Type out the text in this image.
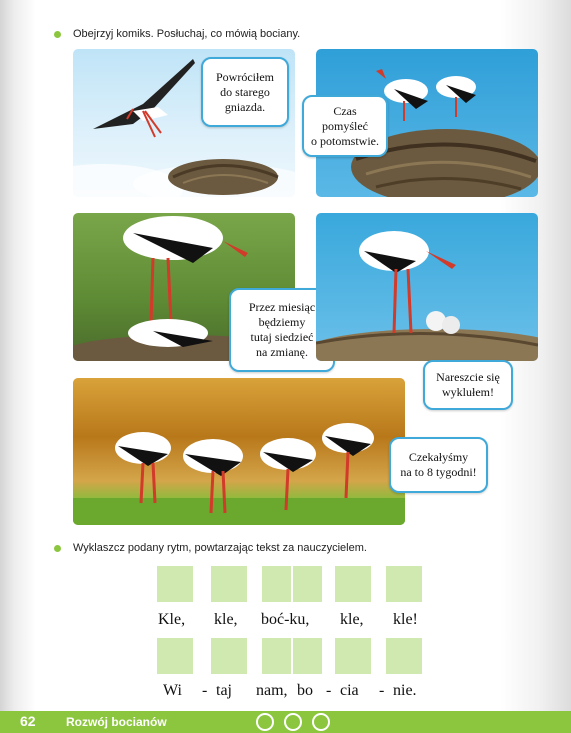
Obejrzyj komiks. Posłuchaj, co mówią bociany.
Powróciłem
do starego
gniazda.	Czas
pomyśleć
o potomstwie.
Przez miesiąc
będziemy
tutaj siedzieć
na zmianę.
Nareszcie się
wyklułem!
Czekałyśmy
na to 8 tygodni!
Wyklaszcz podany rytm, powtarzając tekst za nauczycielem.
Kle, kle, boć-ku, kle, kle!
Wi - taj nam, bo - cia - nie.
62	Rozwój bocianów
